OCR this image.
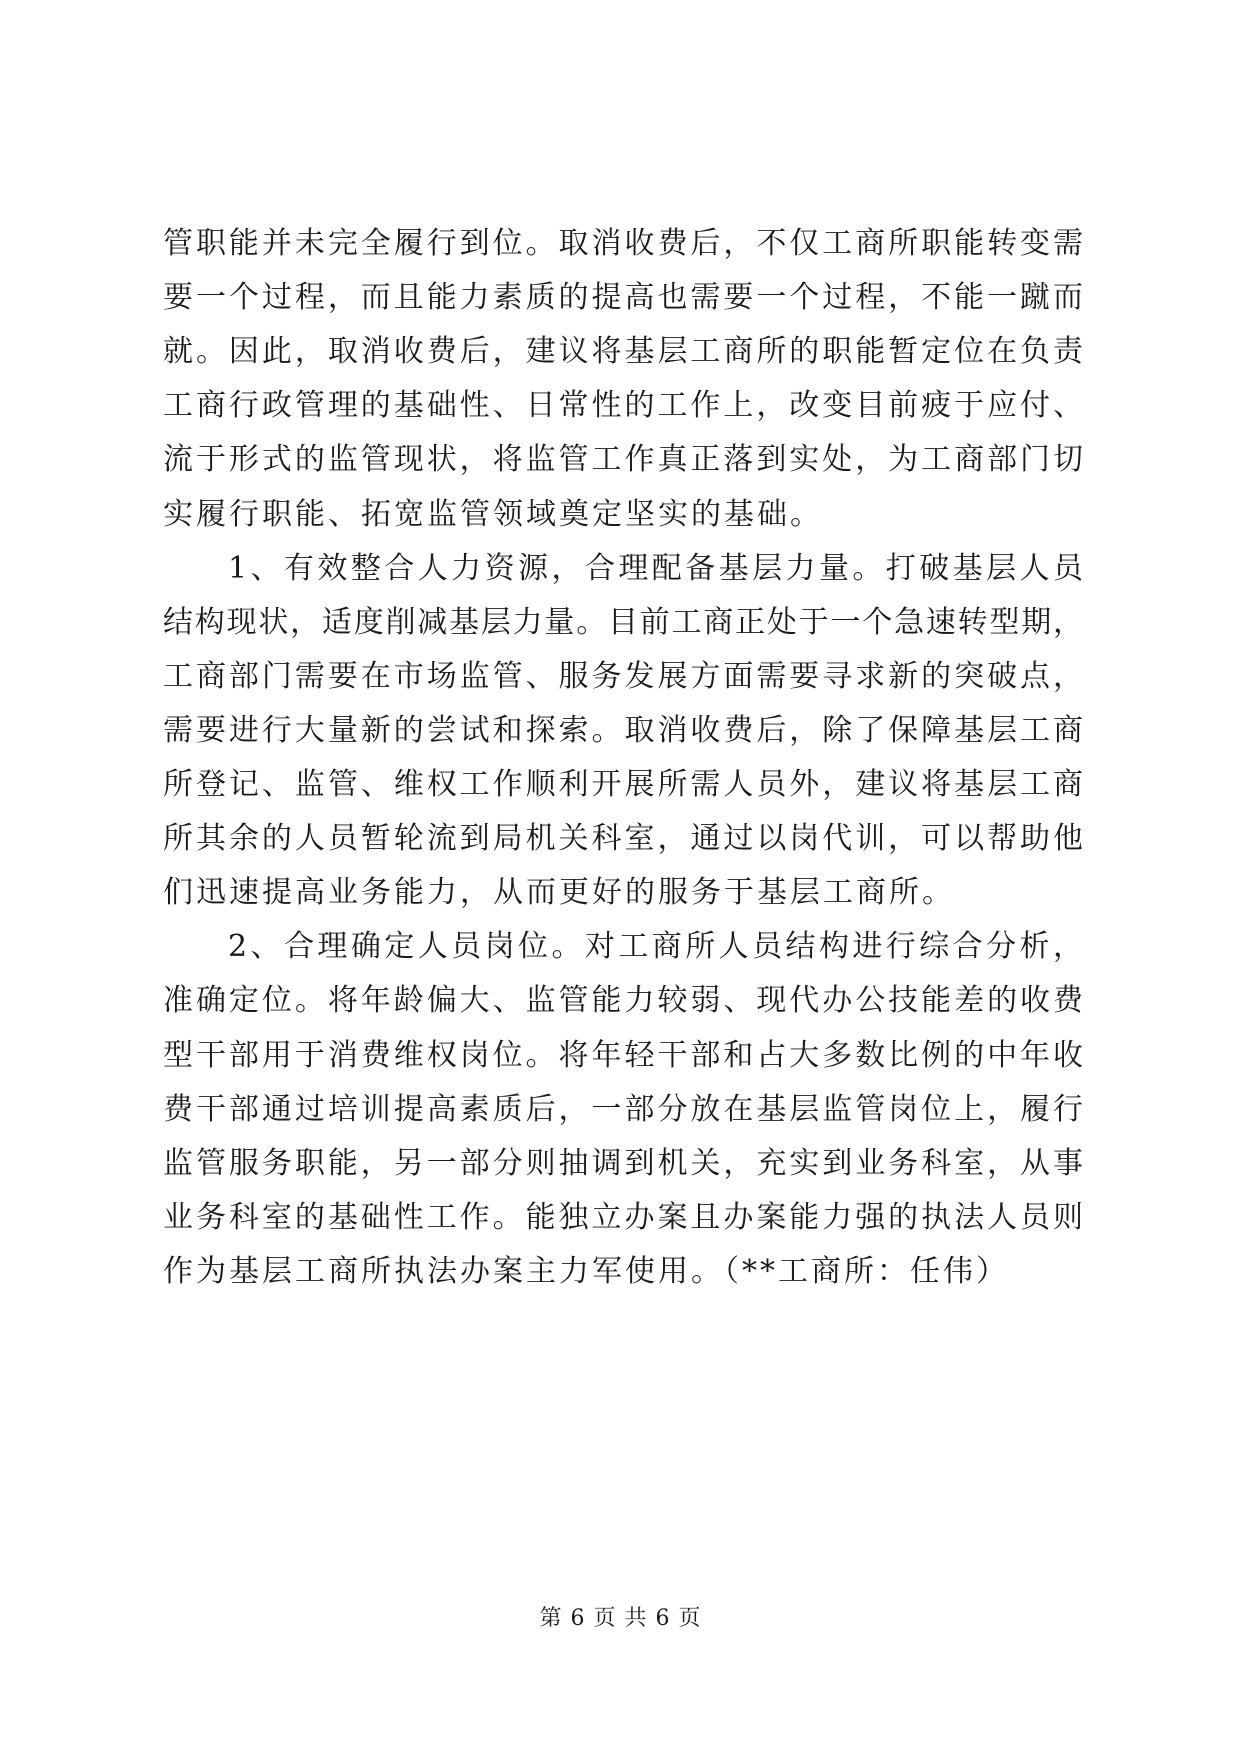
管职能并未完全履行到位。取消收费后，不仅工商所职能转变需
要一个过程，而且能力素质的提高也需要一个过程，不能一蹴而
就。因此，取消收费后，建议将基层工商所的职能暂定位在负责
工商行政管理的基础性、日常性的工作上，改变目前疲于应付、
流于形式的监管现状，将监管工作真正落到实处，为工商部门切
实履行职能、拓宽监管领域奠定坚实的基础。
1、有效整合人力资源，合理配备基层力量。打破基层人员
结构现状，适度削减基层力量。目前工商正处于一个急速转型期，
工商部门需要在市场监管、服务发展方面需要寻求新的突破点，
需要进行大量新的尝试和探索。取消收费后，除了保障基层工商
所登记、监管、维权工作顺利开展所需人员外，建议将基层工商
所其余的人员暂轮流到局机关科室，通过以岗代训，可以帮助他
们迅速提高业务能力，从而更好的服务于基层工商所。
2、合理确定人员岗位。对工商所人员结构进行综合分析，
准确定位。将年龄偏大、监管能力较弱、现代办公技能差的收费
型干部用于消费维权岗位。将年轻干部和占大多数比例的中年收
费干部通过培训提高素质后，一部分放在基层监管岗位上，履行
监管服务职能，另一部分则抽调到机关，充实到业务科室，从事
业务科室的基础性工作。能独立办案且办案能力强的执法人员则
作为基层工商所执法办案主力军使用。（**工商所：任伟）
第 6 页 共 6 页
